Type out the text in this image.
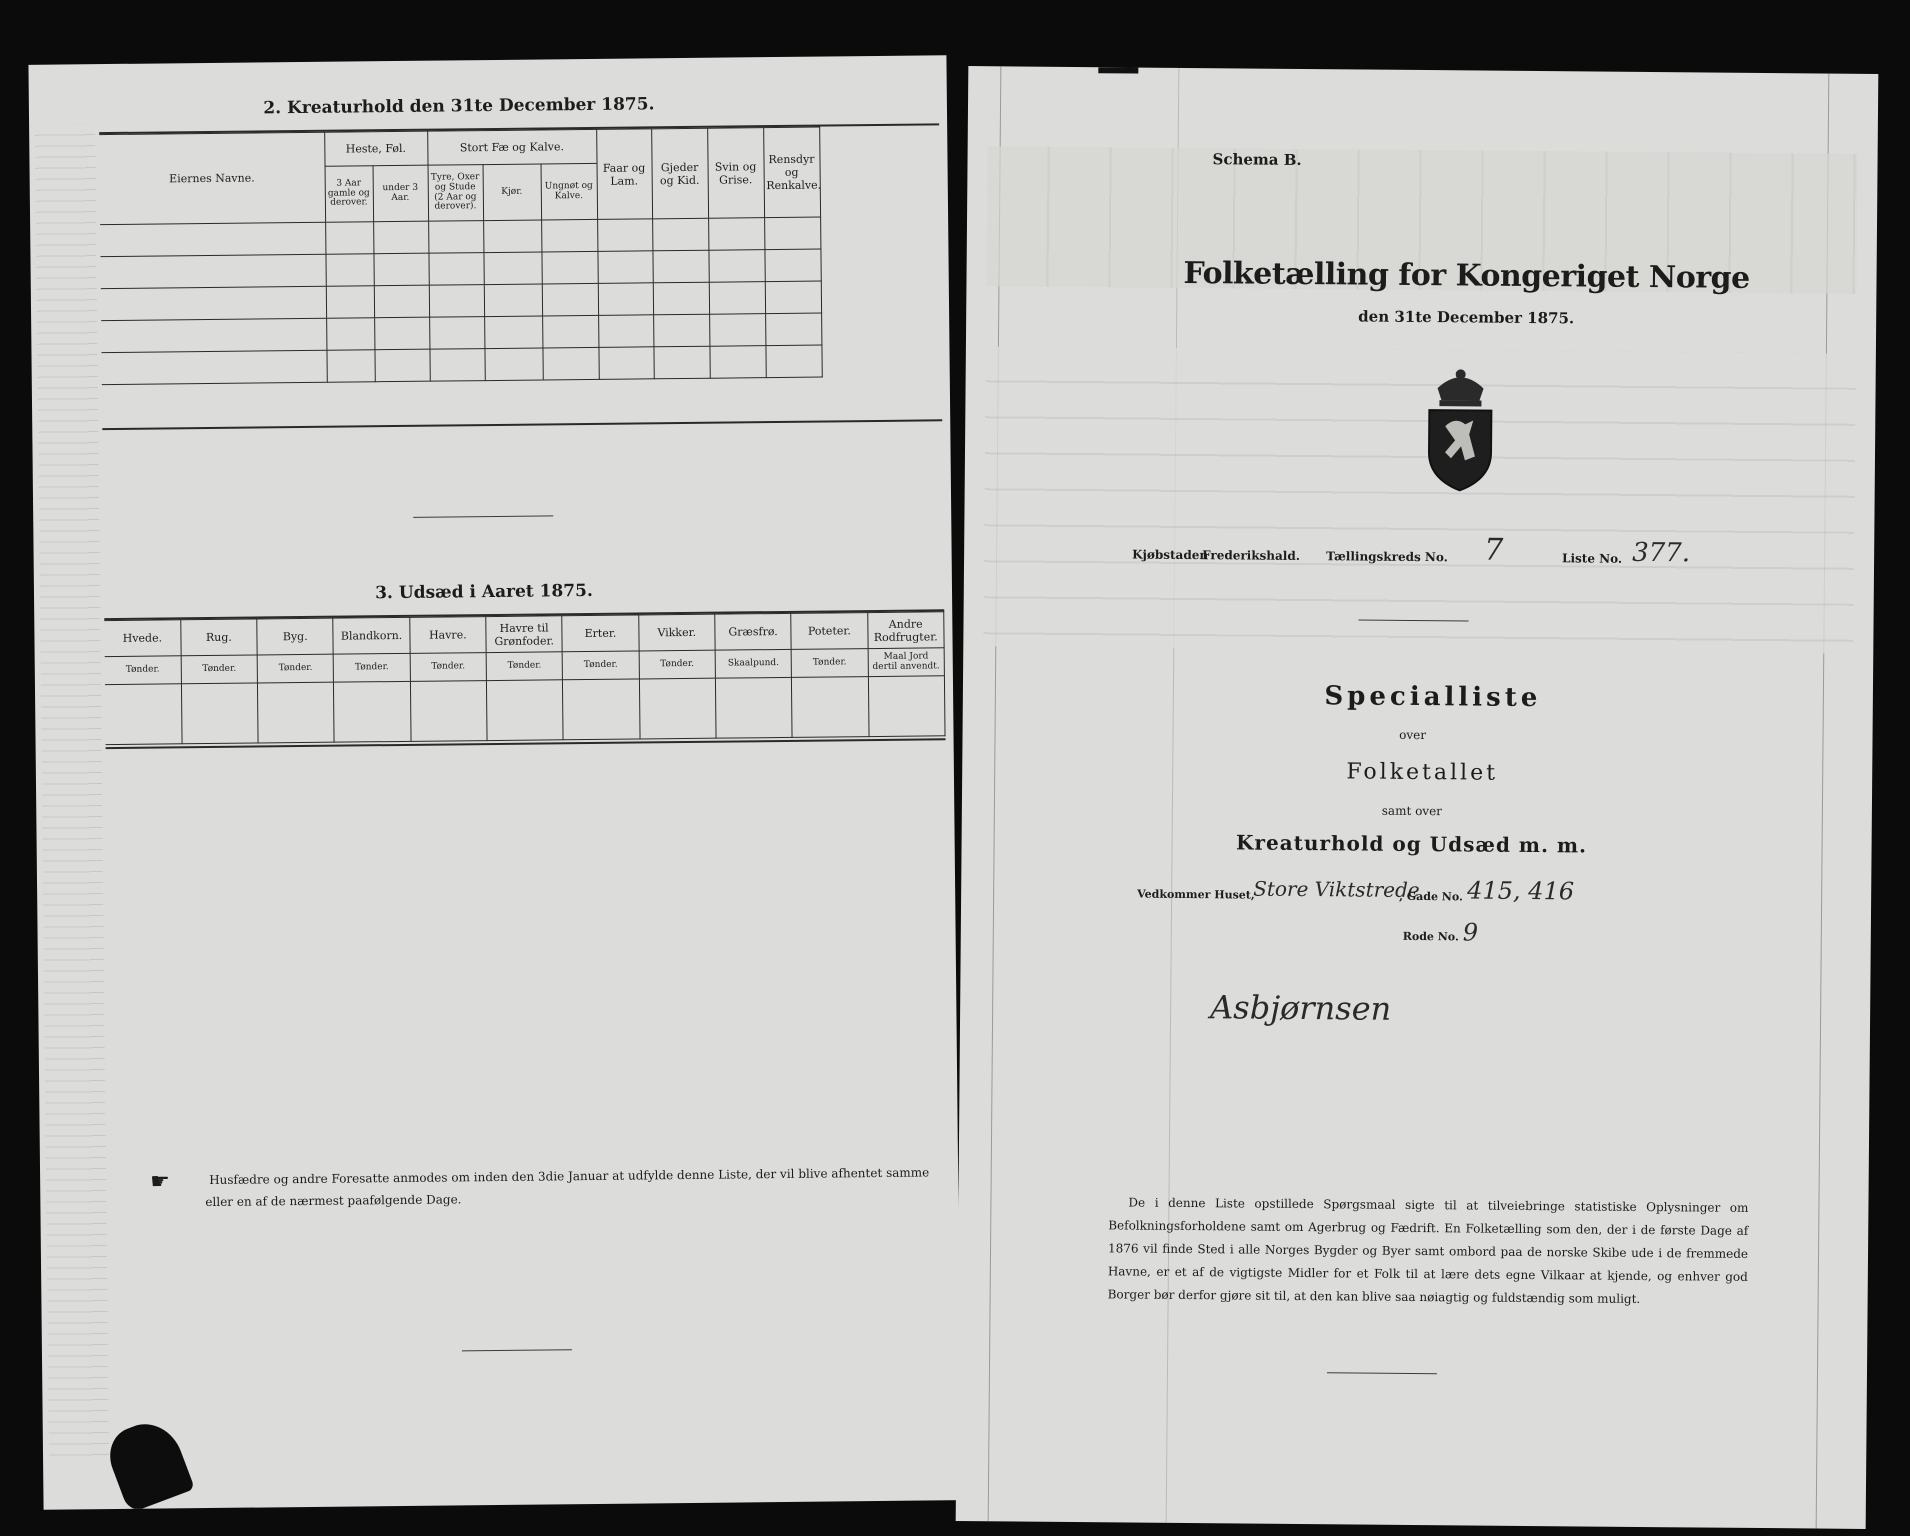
2. Kreaturhold den 31te December 1875.
Eiernes Navne.	Heste, Føl.		Stort Fæ og Kalve.			Faar og Lam.	Gjeder og Kid.	Svin og Grise.	Rensdyr og Renkalve.	
	3 Aar gamle og derover.	under 3 Aar.	Tyre, Oxer og Stude (2 Aar og derover).	Kjør.	Ungnøt og Kalve.					

3. Udsæd i Aaret 1875.
Hvede.	Rug.	Byg.	Blandkorn.	Havre.	Havre til Grønfoder.	Erter.	Vikker.	Græsfrø.	Poteter.	Andre Rodfrugter.
Tønder.	Tønder.	Tønder.	Tønder.	Tønder.	Tønder.	Tønder.	Tønder.	Skaalpund.	Tønder.	Maal Jord dertil anvendt.

☛	Husfædre og andre Foresatte anmodes om inden den 3die Januar at udfylde denne Liste, der vil blive afhentet samme eller en af de nærmest paafølgende Dage.
Schema B.
Folketælling for Kongeriget Norge
den 31te December 1875.
Kjøbstaden
Frederikshald. Tællingskreds No. 7	Liste No. 377.
Specialliste
over
Folketallet
samt over
Kreaturhold og Udsæd m. m.
Vedkommer Huset,
Store Viktstrede
, Gade No. 415, 416
Rode No. 9
Asbjørnsen
De i denne Liste opstillede Spørgsmaal sigte til at tilveiebringe statistiske Oplysninger om Befolkningsforholdene samt om Agerbrug og Fædrift. En Folketælling som den, der i de første Dage af 1876 vil finde Sted i alle Norges Bygder og Byer samt ombord paa de norske Skibe ude i de fremmede Havne, er et af de vigtigste Midler for et Folk til at lære dets egne Vilkaar at kjende, og enhver god Borger bør derfor gjøre sit til, at den kan blive saa nøiagtig og fuldstændig som muligt.
